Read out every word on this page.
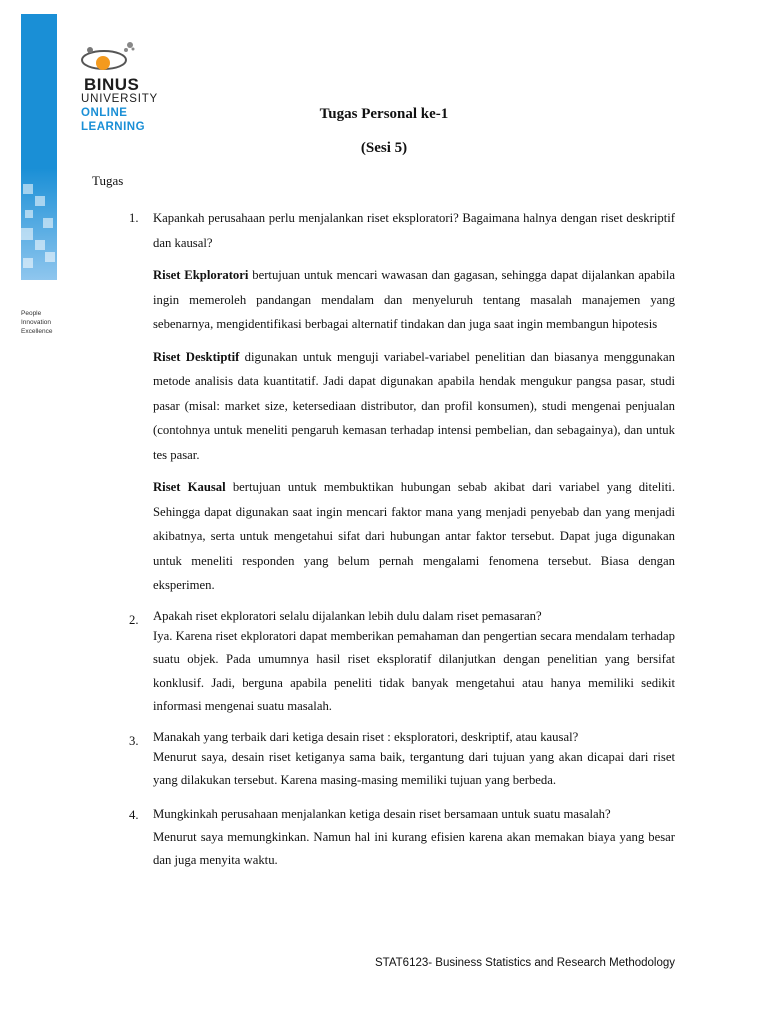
People
Innovation
Excellence
BINUS
UNIVERSITY
ONLINE
LEARNING
Tugas Personal ke-1
(Sesi 5)
Tugas
1. Kapankah perusahaan perlu menjalankan riset eksploratori? Bagaimana halnya dengan riset deskriptif dan kausal?
Riset Ekploratori bertujuan untuk mencari wawasan dan gagasan, sehingga dapat dijalankan apabila ingin memeroleh pandangan mendalam dan menyeluruh tentang masalah manajemen yang sebenarnya, mengidentifikasi berbagai alternatif tindakan dan juga saat ingin membangun hipotesis
Riset Desktiptif digunakan untuk menguji variabel-variabel penelitian dan biasanya menggunakan metode analisis data kuantitatif. Jadi dapat digunakan apabila hendak mengukur pangsa pasar, studi pasar (misal: market size, ketersediaan distributor, dan profil konsumen), studi mengenai penjualan (contohnya untuk meneliti pengaruh kemasan terhadap intensi pembelian, dan sebagainya), dan untuk tes pasar.
Riset Kausal bertujuan untuk membuktikan hubungan sebab akibat dari variabel yang diteliti. Sehingga dapat digunakan saat ingin mencari faktor mana yang menjadi penyebab dan yang menjadi akibatnya, serta untuk mengetahui sifat dari hubungan antar faktor tersebut. Dapat juga digunakan untuk meneliti responden yang belum pernah mengalami fenomena tersebut. Biasa dengan eksperimen.
2. Apakah riset ekploratori selalu dijalankan lebih dulu dalam riset pemasaran?
Iya. Karena riset ekploratori dapat memberikan pemahaman dan pengertian secara mendalam terhadap suatu objek. Pada umumnya hasil riset eksploratif dilanjutkan dengan penelitian yang bersifat konklusif. Jadi, berguna apabila peneliti tidak banyak mengetahui atau hanya memiliki sedikit informasi mengenai suatu masalah.
3. Manakah yang terbaik dari ketiga desain riset : eksploratori, deskriptif, atau kausal?
Menurut saya, desain riset ketiganya sama baik, tergantung dari tujuan yang akan dicapai dari riset yang dilakukan tersebut. Karena masing-masing memiliki tujuan yang berbeda.
4. Mungkinkah perusahaan menjalankan ketiga desain riset bersamaan untuk suatu masalah?
Menurut saya memungkinkan. Namun hal ini kurang efisien karena akan memakan biaya yang besar dan juga menyita waktu.
STAT6123- Business Statistics and Research Methodology
